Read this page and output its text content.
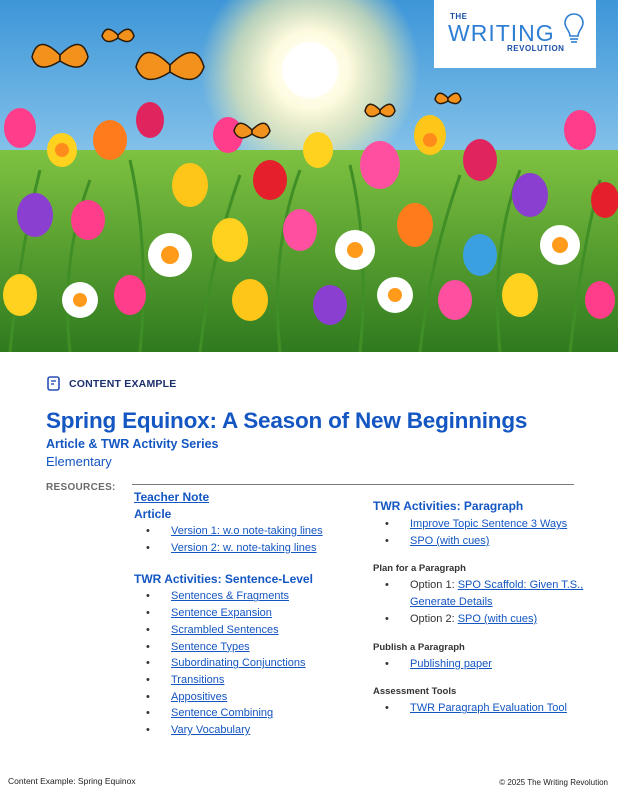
THE
WRITING
REVOLUTION
CONTENT EXAMPLE
Spring Equinox: A Season of New Beginnings
Article & TWR Activity Series
Elementary
RESOURCES:
Teacher Note
Article
• Version 1: w.o note-taking lines
• Version 2: w. note-taking lines
TWR Activities: Sentence-Level
• Sentences & Fragments
• Sentence Expansion
• Scrambled Sentences
• Sentence Types
• Subordinating Conjunctions
• Transitions
• Appositives
• Sentence Combining
• Vary Vocabulary
TWR Activities: Paragraph
• Improve Topic Sentence 3 Ways
• SPO (with cues)
Plan for a Paragraph
• Option 1: SPO Scaffold: Given T.S.,
Generate Details
• Option 2: SPO (with cues)
Publish a Paragraph
• Publishing paper
Assessment Tools
• TWR Paragraph Evaluation Tool
Content Example: Spring Equinox	© 2025 The Writing Revolution
